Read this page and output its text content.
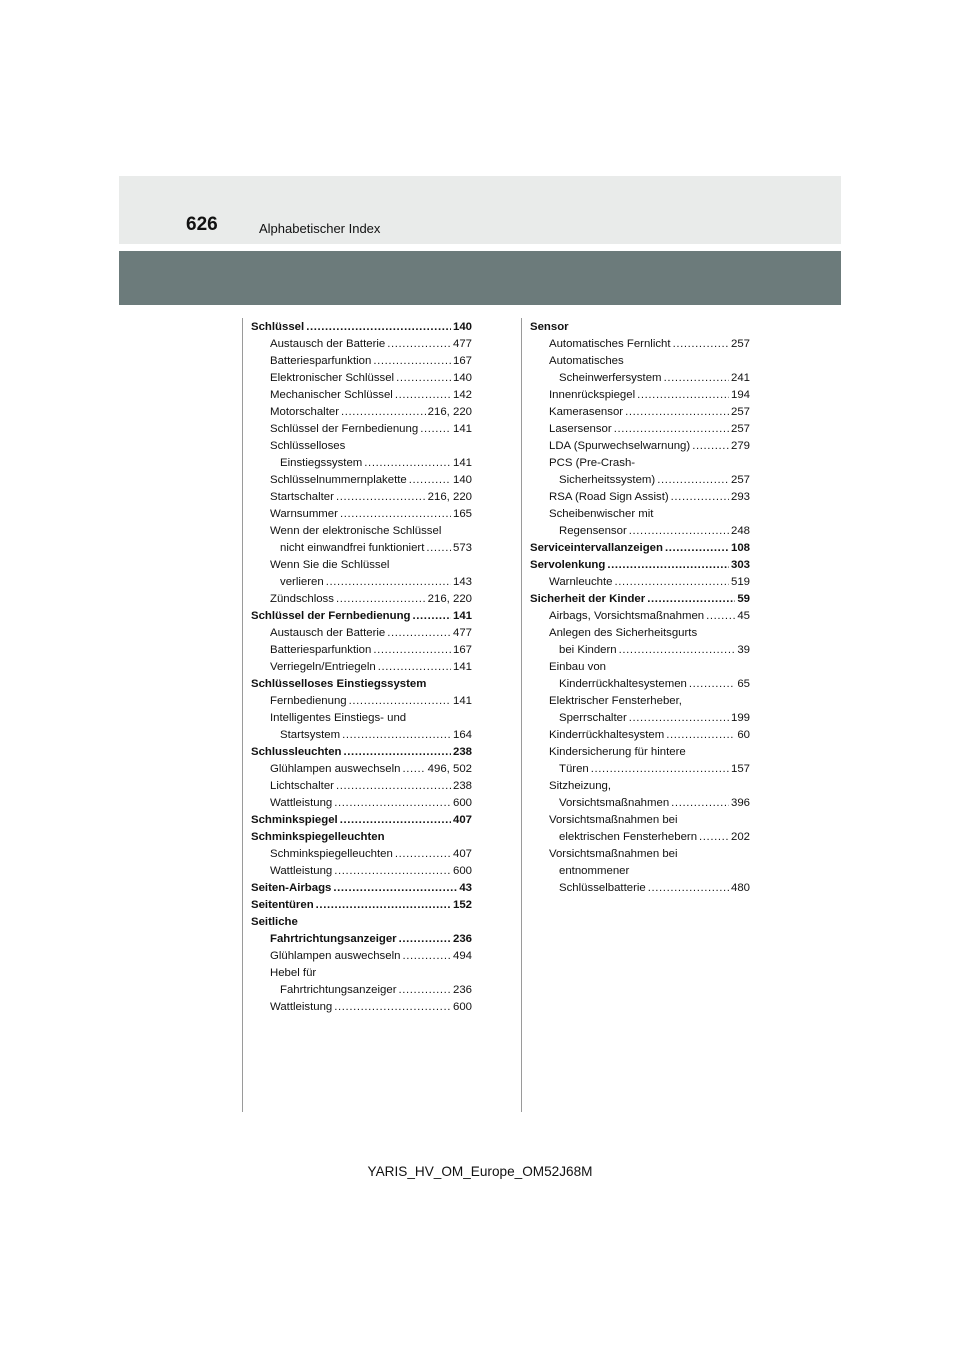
626	Alphabetischer Index
Schlüssel .....	140
Austausch der Batterie .....	477
Batteriesparfunktion .....	167
Elektronischer Schlüssel .....	140
Mechanischer Schlüssel .....	142
Motorschalter .....	216, 220
Schlüssel der Fernbedienung .....	141
Schlüsselloses
Einstiegssystem .....	141
Schlüsselnummernplakette .....	140
Startschalter .....	216, 220
Warnsummer .....	165
Wenn der elektronische Schlüssel
nicht einwandfrei funktioniert .....	573
Wenn Sie die Schlüssel
verlieren .....	143
Zündschloss .....	216, 220
Schlüssel der Fernbedienung .....	141
Austausch der Batterie .....	477
Batteriesparfunktion .....	167
Verriegeln/Entriegeln .....	141
Schlüsselloses Einstiegssystem
Fernbedienung .....	141
Intelligentes Einstiegs- und
Startsystem .....	164
Schlussleuchten .....	238
Glühlampen auswechseln ..... 496, 502
Lichtschalter .....	238
Wattleistung .....	600
Schminkspiegel .....	407
Schminkspiegelleuchten
Schminkspiegelleuchten .....	407
Wattleistung .....	600
Seiten-Airbags .....	43
Seitentüren .....	152
Seitliche
Fahrtrichtungsanzeiger .....	236
Glühlampen auswechseln .....	494
Hebel für
Fahrtrichtungsanzeiger .....	236
Wattleistung .....	600
Sensor
Automatisches Fernlicht .....	257
Automatisches
Scheinwerfersystem .....	241
Innenrückspiegel .....	194
Kamerasensor .....	257
Lasersensor .....	257
LDA (Spurwechselwarnung) .....	279
PCS (Pre-Crash-
Sicherheitssystem) .....	257
RSA (Road Sign Assist) .....	293
Scheibenwischer mit
Regensensor .....	248
Serviceintervallanzeigen .....	108
Servolenkung .....	303
Warnleuchte .....	519
Sicherheit der Kinder .....	59
Airbags, Vorsichtsmaßnahmen .....	45
Anlegen des Sicherheitsgurts
bei Kindern .....	39
Einbau von
Kinderrückhaltesystemen .....	65
Elektrischer Fensterheber,
Sperrschalter .....	199
Kinderrückhaltesystem .....	60
Kindersicherung für hintere
Türen .....	157
Sitzheizung,
Vorsichtsmaßnahmen .....	396
Vorsichtsmaßnahmen bei
elektrischen Fensterhebern .....	202
Vorsichtsmaßnahmen bei
entnommener
Schlüsselbatterie .....	480
YARIS_HV_OM_Europe_OM52J68M
